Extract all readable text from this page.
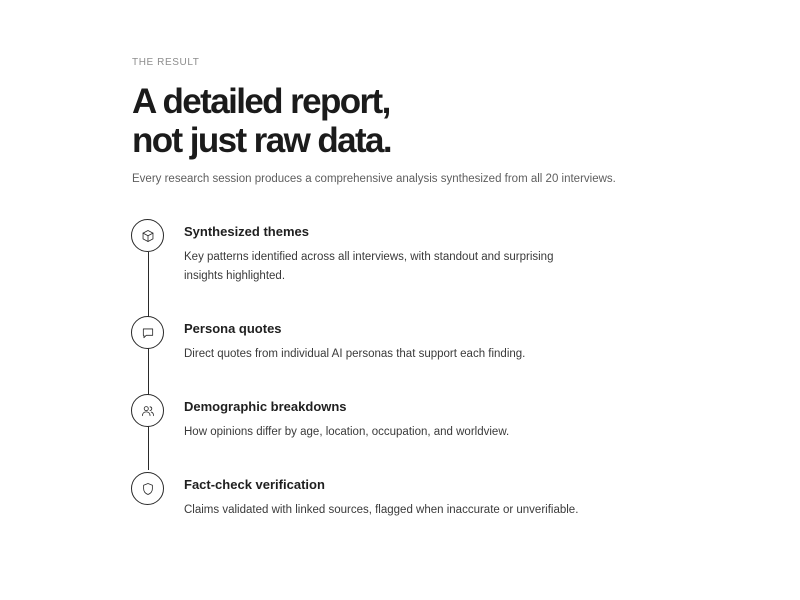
THE RESULT
A detailed report,
not just raw data.
Every research session produces a comprehensive analysis synthesized from all 20 interviews.
Synthesized themes
Key patterns identified across all interviews, with standout and surprising insights highlighted.
Persona quotes
Direct quotes from individual AI personas that support each finding.
Demographic breakdowns
How opinions differ by age, location, occupation, and worldview.
Fact-check verification
Claims validated with linked sources, flagged when inaccurate or unverifiable.
